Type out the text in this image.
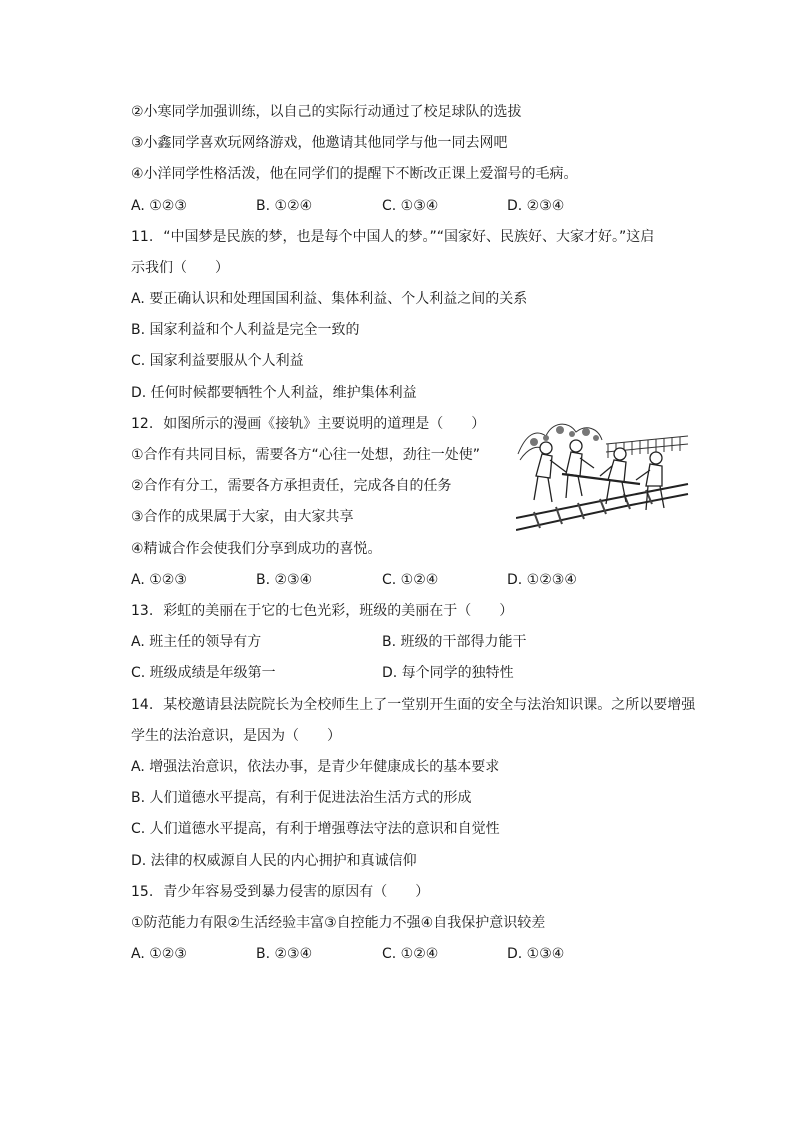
②小寒同学加强训练，以自己的实际行动通过了校足球队的选拔
③小鑫同学喜欢玩网络游戏，他邀请其他同学与他一同去网吧
④小洋同学性格活泼，他在同学们的提醒下不断改正课上爱溜号的毛病。
A. ①②③	B. ①②④	C. ①③④	D. ②③④
11. “中国梦是民族的梦，也是每个中国人的梦。”“国家好、民族好、大家才好。”这启
示我们（　　）
A. 要正确认识和处理国国利益、集体利益、个人利益之间的关系
B. 国家利益和个人利益是完全一致的
C. 国家利益要服从个人利益
D. 任何时候都要牺牲个人利益，维护集体利益
12. 如图所示的漫画《接轨》主要说明的道理是（　　）
①合作有共同目标，需要各方“心往一处想，劲往一处使”
②合作有分工，需要各方承担责任，完成各自的任务
③合作的成果属于大家，由大家共享
④精诚合作会使我们分享到成功的喜悦。
A. ①②③	B. ②③④	C. ①②④	D. ①②③④
13. 彩虹的美丽在于它的七色光彩，班级的美丽在于（　　）
A. 班主任的领导有方	B. 班级的干部得力能干
C. 班级成绩是年级第一	D. 每个同学的独特性
14. 某校邀请县法院院长为全校师生上了一堂别开生面的安全与法治知识课。之所以要增强
学生的法治意识，是因为（　　）
A. 增强法治意识，依法办事，是青少年健康成长的基本要求
B. 人们道德水平提高，有利于促进法治生活方式的形成
C. 人们道德水平提高，有利于增强尊法守法的意识和自觉性
D. 法律的权威源自人民的内心拥护和真诚信仰
15. 青少年容易受到暴力侵害的原因有（　　）
①防范能力有限②生活经验丰富③自控能力不强④自我保护意识较差
A. ①②③	B. ②③④	C. ①②④	D. ①③④
